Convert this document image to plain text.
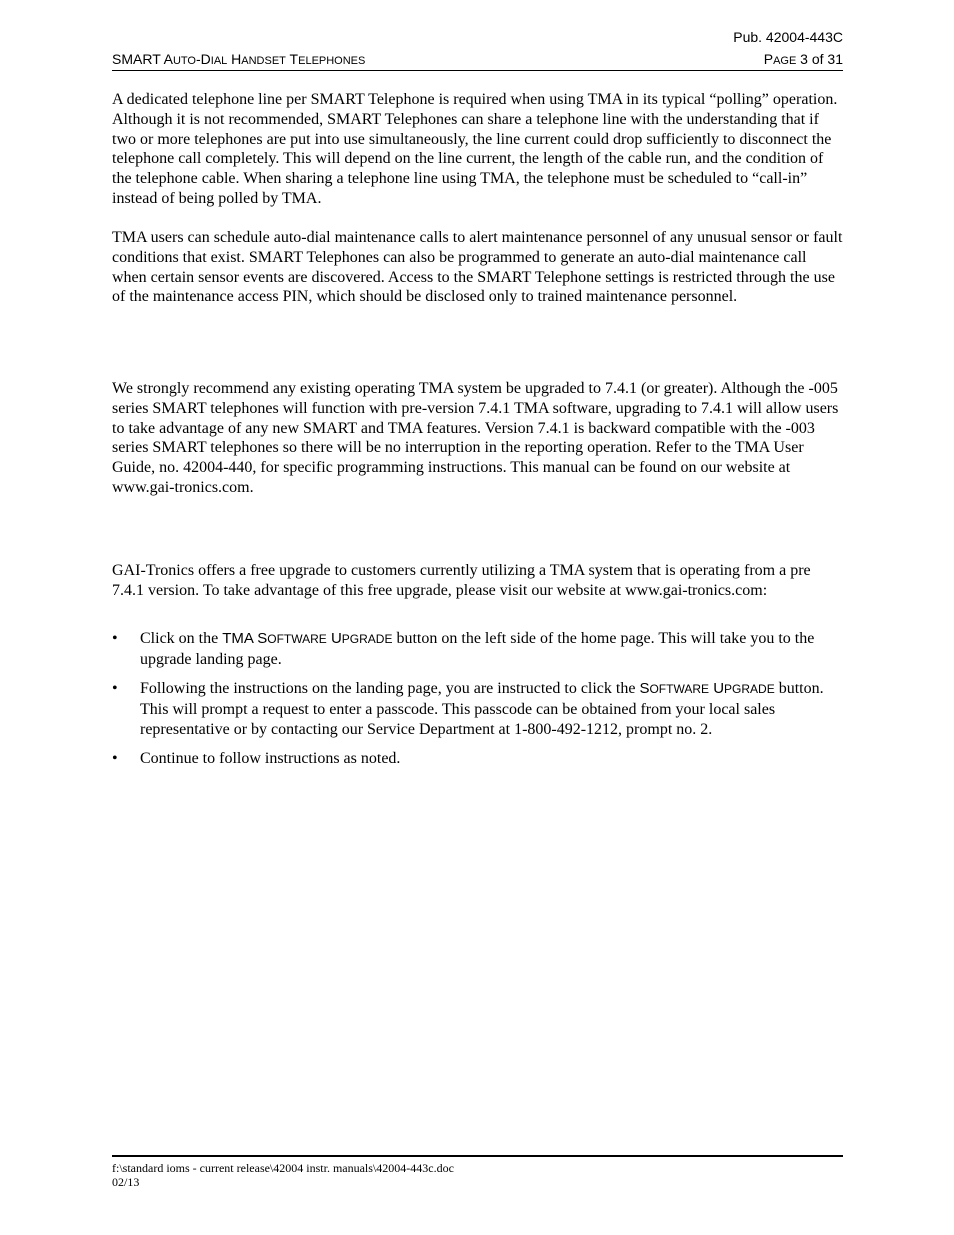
Pub. 42004-443C
SMART AUTO-DIAL HANDSET TELEPHONES	PAGE 3 of 31

A dedicated telephone line per SMART Telephone is required when using TMA in its typical “polling” operation. Although it is not recommended, SMART Telephones can share a telephone line with the understanding that if two or more telephones are put into use simultaneously, the line current could drop sufficiently to disconnect the telephone call completely. This will depend on the line current, the length of the cable run, and the condition of the telephone cable. When sharing a telephone line using TMA, the telephone must be scheduled to “call-in” instead of being polled by TMA.

TMA users can schedule auto-dial maintenance calls to alert maintenance personnel of any unusual sensor or fault conditions that exist. SMART Telephones can also be programmed to generate an auto-dial maintenance call when certain sensor events are discovered. Access to the SMART Telephone settings is restricted through the use of the maintenance access PIN, which should be disclosed only to trained maintenance personnel.

We strongly recommend any existing operating TMA system be upgraded to 7.4.1 (or greater). Although the -005 series SMART telephones will function with pre-version 7.4.1 TMA software, upgrading to 7.4.1 will allow users to take advantage of any new SMART and TMA features. Version 7.4.1 is backward compatible with the -003 series SMART telephones so there will be no interruption in the reporting operation. Refer to the TMA User Guide, no. 42004-440, for specific programming instructions. This manual can be found on our website at www.gai-tronics.com.

GAI-Tronics offers a free upgrade to customers currently utilizing a TMA system that is operating from a pre 7.4.1 version. To take advantage of this free upgrade, please visit our website at www.gai-tronics.com:

• Click on the TMA SOFTWARE UPGRADE button on the left side of the home page. This will take you to the upgrade landing page.
• Following the instructions on the landing page, you are instructed to click the SOFTWARE UPGRADE button. This will prompt a request to enter a passcode. This passcode can be obtained from your local sales representative or by contacting our Service Department at 1-800-492-1212, prompt no. 2.
• Continue to follow instructions as noted.
f:\standard ioms - current release\42004 instr. manuals\42004-443c.doc
02/13
